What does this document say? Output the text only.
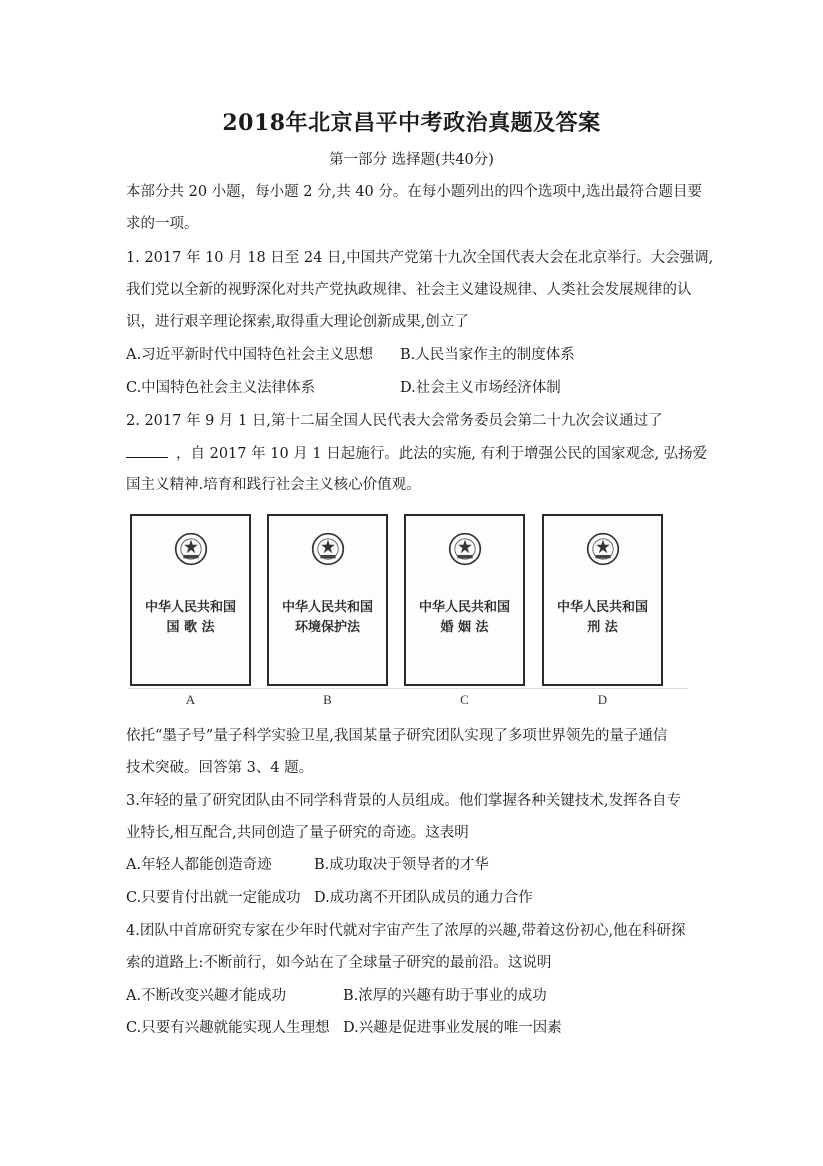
2018年北京昌平中考政治真题及答案
第一部分 选择题(共40分)
本部分共 20 小题，每小题 2 分,共 40 分。在每小题列出的四个选项中,选出最符合题目要
求的一项。
1. 2017 年 10 月 18 日至 24 日,中国共产党第十九次全国代表大会在北京举行。大会强调,
我们党以全新的视野深化对共产党执政规律、社会主义建设规律、人类社会发展规律的认
识，进行艰辛理论探索,取得重大理论创新成果,创立了
A.习近平新时代中国特色社会主义思想 B.人民当家作主的制度体系
C.中国特色社会主义法律体系	D.社会主义市场经济体制
2. 2017 年 9 月 1 日,第十二届全国人民代表大会常务委员会第二十九次会议通过了
，自 2017 年 10 月 1 日起施行。此法的实施, 有利于增强公民的国家观念, 弘扬爱
国主义精神.培育和践行社会主义核心价值观。
中华人民共和国
国 歌 法
A
中华人民共和国
环境保护法
B
中华人民共和国
婚 姻 法
C
中华人民共和国
刑 法
D
依托“墨子号”量子科学实验卫星,我国某量子研究团队实现了多项世界领先的量子通信
技术突破。回答第 3、4 题。
3.年轻的量了研究团队由不同学科背景的人员组成。他们掌握各种关键技术,发挥各自专
业特长,相互配合,共同创造了量子研究的奇迹。这表明
A.年轻人都能创造奇迹	B.成功取决于领导者的才华
C.只要肯付出就一定能成功 D.成功离不开团队成员的通力合作
4.团队中首席研究专家在少年时代就对宇宙产生了浓厚的兴趣,带着这份初心,他在科研探
索的道路上:不断前行，如今站在了全球量子研究的最前沿。这说明
A.不断改变兴趣才能成功	B.浓厚的兴趣有助于事业的成功
C.只要有兴趣就能实现人生理想 D.兴趣是促进事业发展的唯一因素
